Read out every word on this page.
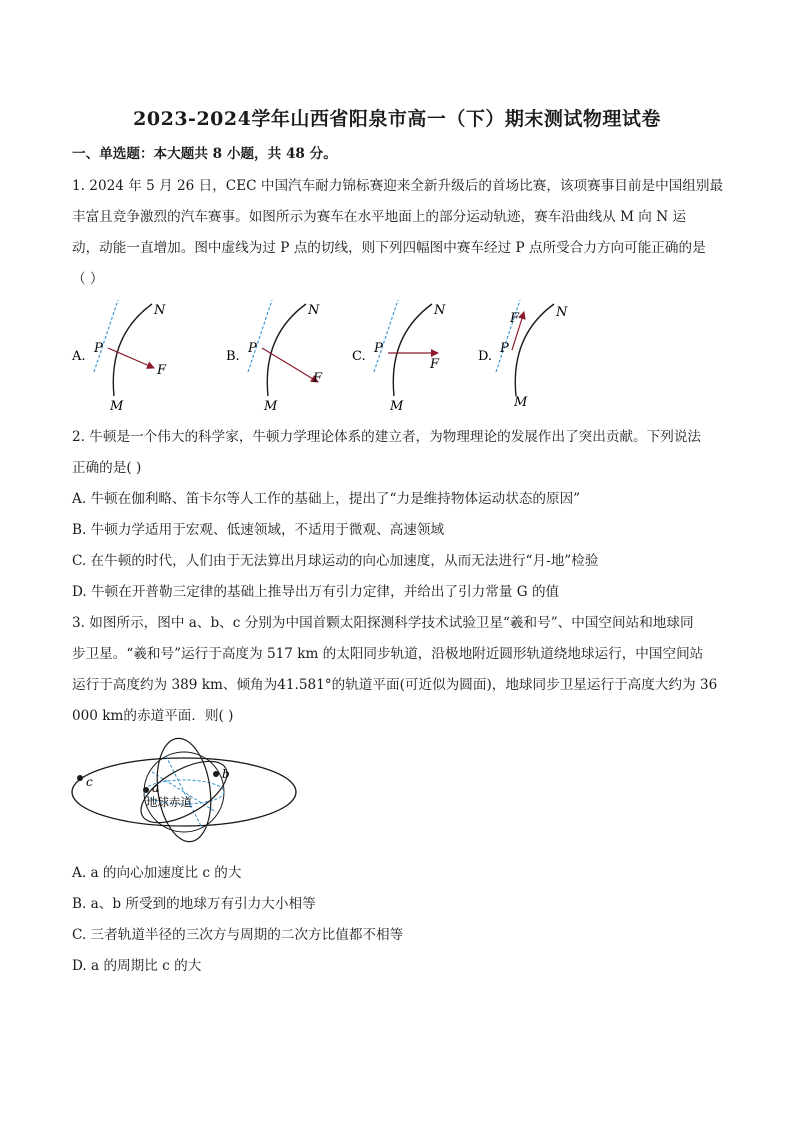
2023-2024学年山西省阳泉市高一（下）期末测试物理试卷
一、单选题：本大题共 8 小题，共 48 分。
1. 2024 年 5 月 26 日，CEC 中国汽车耐力锦标赛迎来全新升级后的首场比赛，该项赛事目前是中国组别最
丰富且竞争激烈的汽车赛事。如图所示为赛车在水平地面上的部分运动轨迹，赛车沿曲线从 M 向 N 运
动，动能一直增加。图中虚线为过 P 点的切线，则下列四幅图中赛车经过 P 点所受合力方向可能正确的是
（ ）
A.
P
N
M
F
B.
P
N
M
F
C.
P
N
M
F
D.
P
N
M
F
2. 牛顿是一个伟大的科学家，牛顿力学理论体系的建立者，为物理理论的发展作出了突出贡献。下列说法
正确的是( )
A. 牛顿在伽利略、笛卡尔等人工作的基础上，提出了“力是维持物体运动状态的原因”
B. 牛顿力学适用于宏观、低速领域，不适用于微观、高速领域
C. 在牛顿的时代，人们由于无法算出月球运动的向心加速度，从而无法进行“月-地”检验
D. 牛顿在开普勒三定律的基础上推导出万有引力定律，并给出了引力常量 G 的值
3. 如图所示，图中 a、b、c 分别为中国首颗太阳探测科学技术试验卫星“羲和号”、中国空间站和地球同
步卫星。“羲和号”运行于高度为 517 km 的太阳同步轨道，沿极地附近圆形轨道绕地球运行，中国空间站
运行于高度约为 389 km、倾角为41.581°的轨道平面(可近似为圆面)，地球同步卫星运行于高度大约为 36
000 km的赤道平面．则( )
c	a
b
地球赤道
A. a 的向心加速度比 c 的大
B. a、b 所受到的地球万有引力大小相等
C. 三者轨道半径的三次方与周期的二次方比值都不相等
D. a 的周期比 c 的大
